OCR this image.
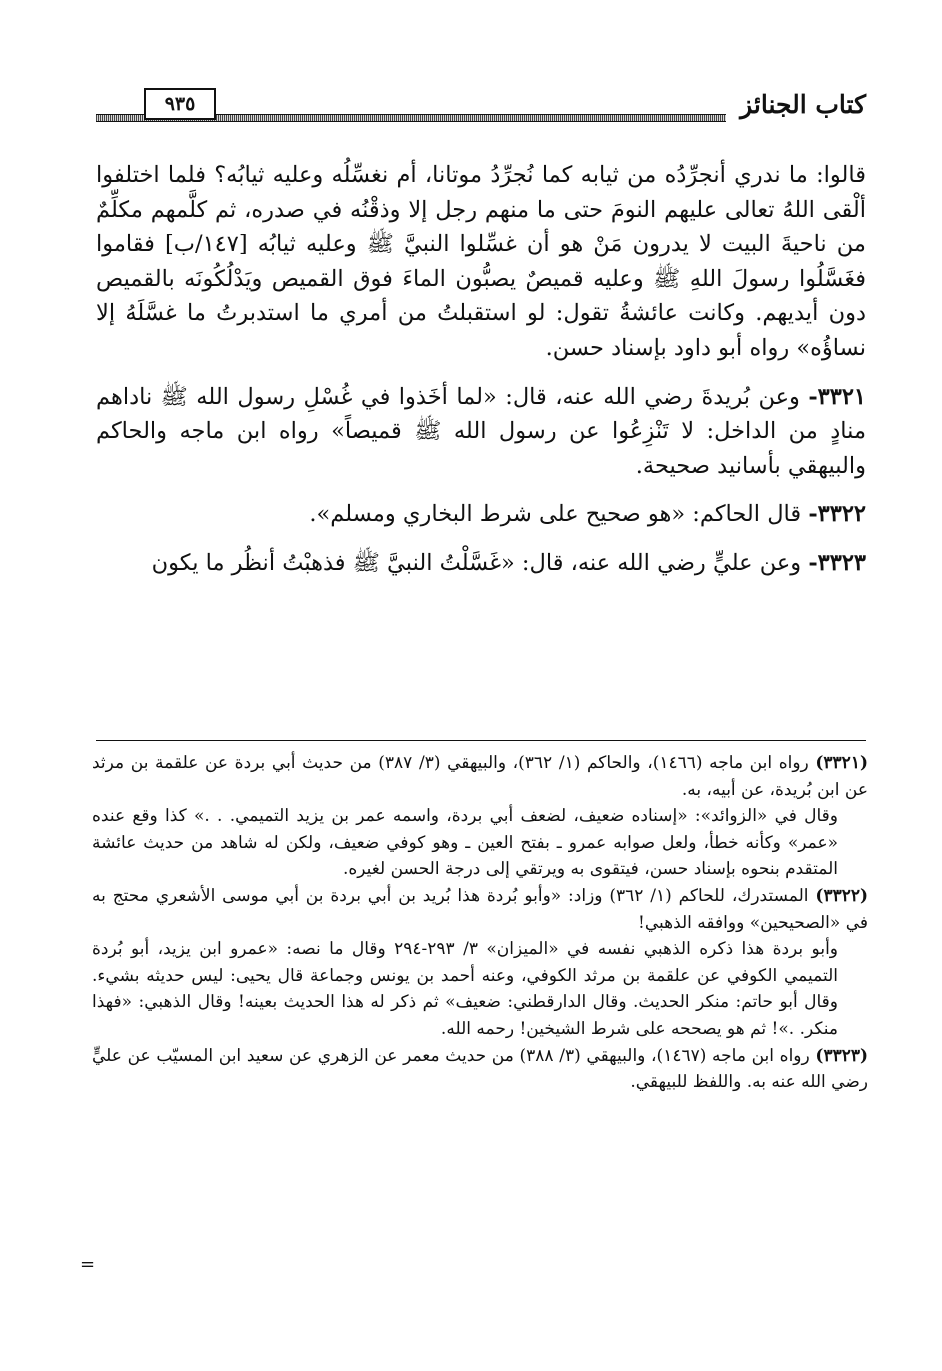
كتاب الجنائز
٩٣٥

قالوا: ما ندري أنجرِّدُه من ثيابه كما نُجرِّدُ موتانا، أم نغسِّلُه وعليه ثيابُه؟ فلما اختلفوا ألْقى اللهُ تعالى عليهم النومَ حتى ما منهم رجل إلا وذقْنُه في صدره، ثم كلَّمهم مكلِّمٌ من ناحيةَ البيت لا يدرون مَنْ هو أن غسِّلوا النبيَّ ﷺ وعليه ثيابُه [١٤٧/ب] فقاموا فغَسَّلُوا رسولَ اللهِ ﷺ وعليه قميصٌ يصبُّون الماءَ فوق القميص ويَدْلُكُونَه بالقميص دون أيديهم. وكانت عائشةُ تقول: لو استقبلتُ من أمري ما استدبرتُ ما غسَّلَهُ إلا نساؤُه» رواه أبو داود بإسناد حسن.

٣٣٢١- وعن بُريدةَ رضي الله عنه، قال: «لما أخَذوا في غُسْلِ رسول الله ﷺ ناداهم منادٍ من الداخل: لا تَنْزِعُوا عن رسول الله ﷺ قميصاً» رواه ابن ماجه والحاكم والبيهقي بأسانيد صحيحة.

٣٣٢٢- قال الحاكم: «هو صحيح على شرط البخاري ومسلم».

٣٣٢٣- وعن عليٍّ رضي الله عنه، قال: «غَسَّلْتُ النبيَّ ﷺ فذهبْتُ أنظُر ما يكون

(٣٣٢١) رواه ابن ماجه (١٤٦٦)، والحاكم (١/ ٣٦٢)، والبيهقي (٣/ ٣٨٧) من حديث أبي بردة عن علقمة بن مرثد عن ابن بُريدة، عن أبيه، به.

وقال في «الزوائد»: «إسناده ضعيف، لضعف أبي بردة، واسمه عمر بن يزيد التميمي. . .» كذا وقع عنده «عمر» وكأنه خطأ، ولعل صوابه عمرو ـ بفتح العين ـ وهو كوفي ضعيف، ولكن له شاهد من حديث عائشة المتقدم بنحوه بإسناد حسن، فيتقوى به ويرتقي إلى درجة الحسن لغيره.

(٣٣٢٢) المستدرك، للحاكم (١/ ٣٦٢) وزاد: «وأبو بُردة هذا بُريد بن أبي بردة بن أبي موسى الأشعري محتج به في «الصحيحين» ووافقه الذهبي!

وأبو بردة هذا ذكره الذهبي نفسه في «الميزان» ٣/ ٢٩٣-٢٩٤ وقال ما نصه: «عمرو ابن يزيد، أبو بُردة التميمي الكوفي عن علقمة بن مرثد الكوفي، وعنه أحمد بن يونس وجماعة قال يحيى: ليس حديثه بشيء. وقال أبو حاتم: منكر الحديث. وقال الدارقطني: ضعيف» ثم ذكر له هذا الحديث بعينه! وقال الذهبي: «فهذا منكر. .»! ثم هو يصححه على شرط الشيخين! رحمه الله.

(٣٣٢٣) رواه ابن ماجه (١٤٦٧)، والبيهقي (٣/ ٣٨٨) من حديث معمر عن الزهري عن سعيد ابن المسيّب عن عليٍّ رضي الله عنه به. واللفظ للبيهقي.

=
